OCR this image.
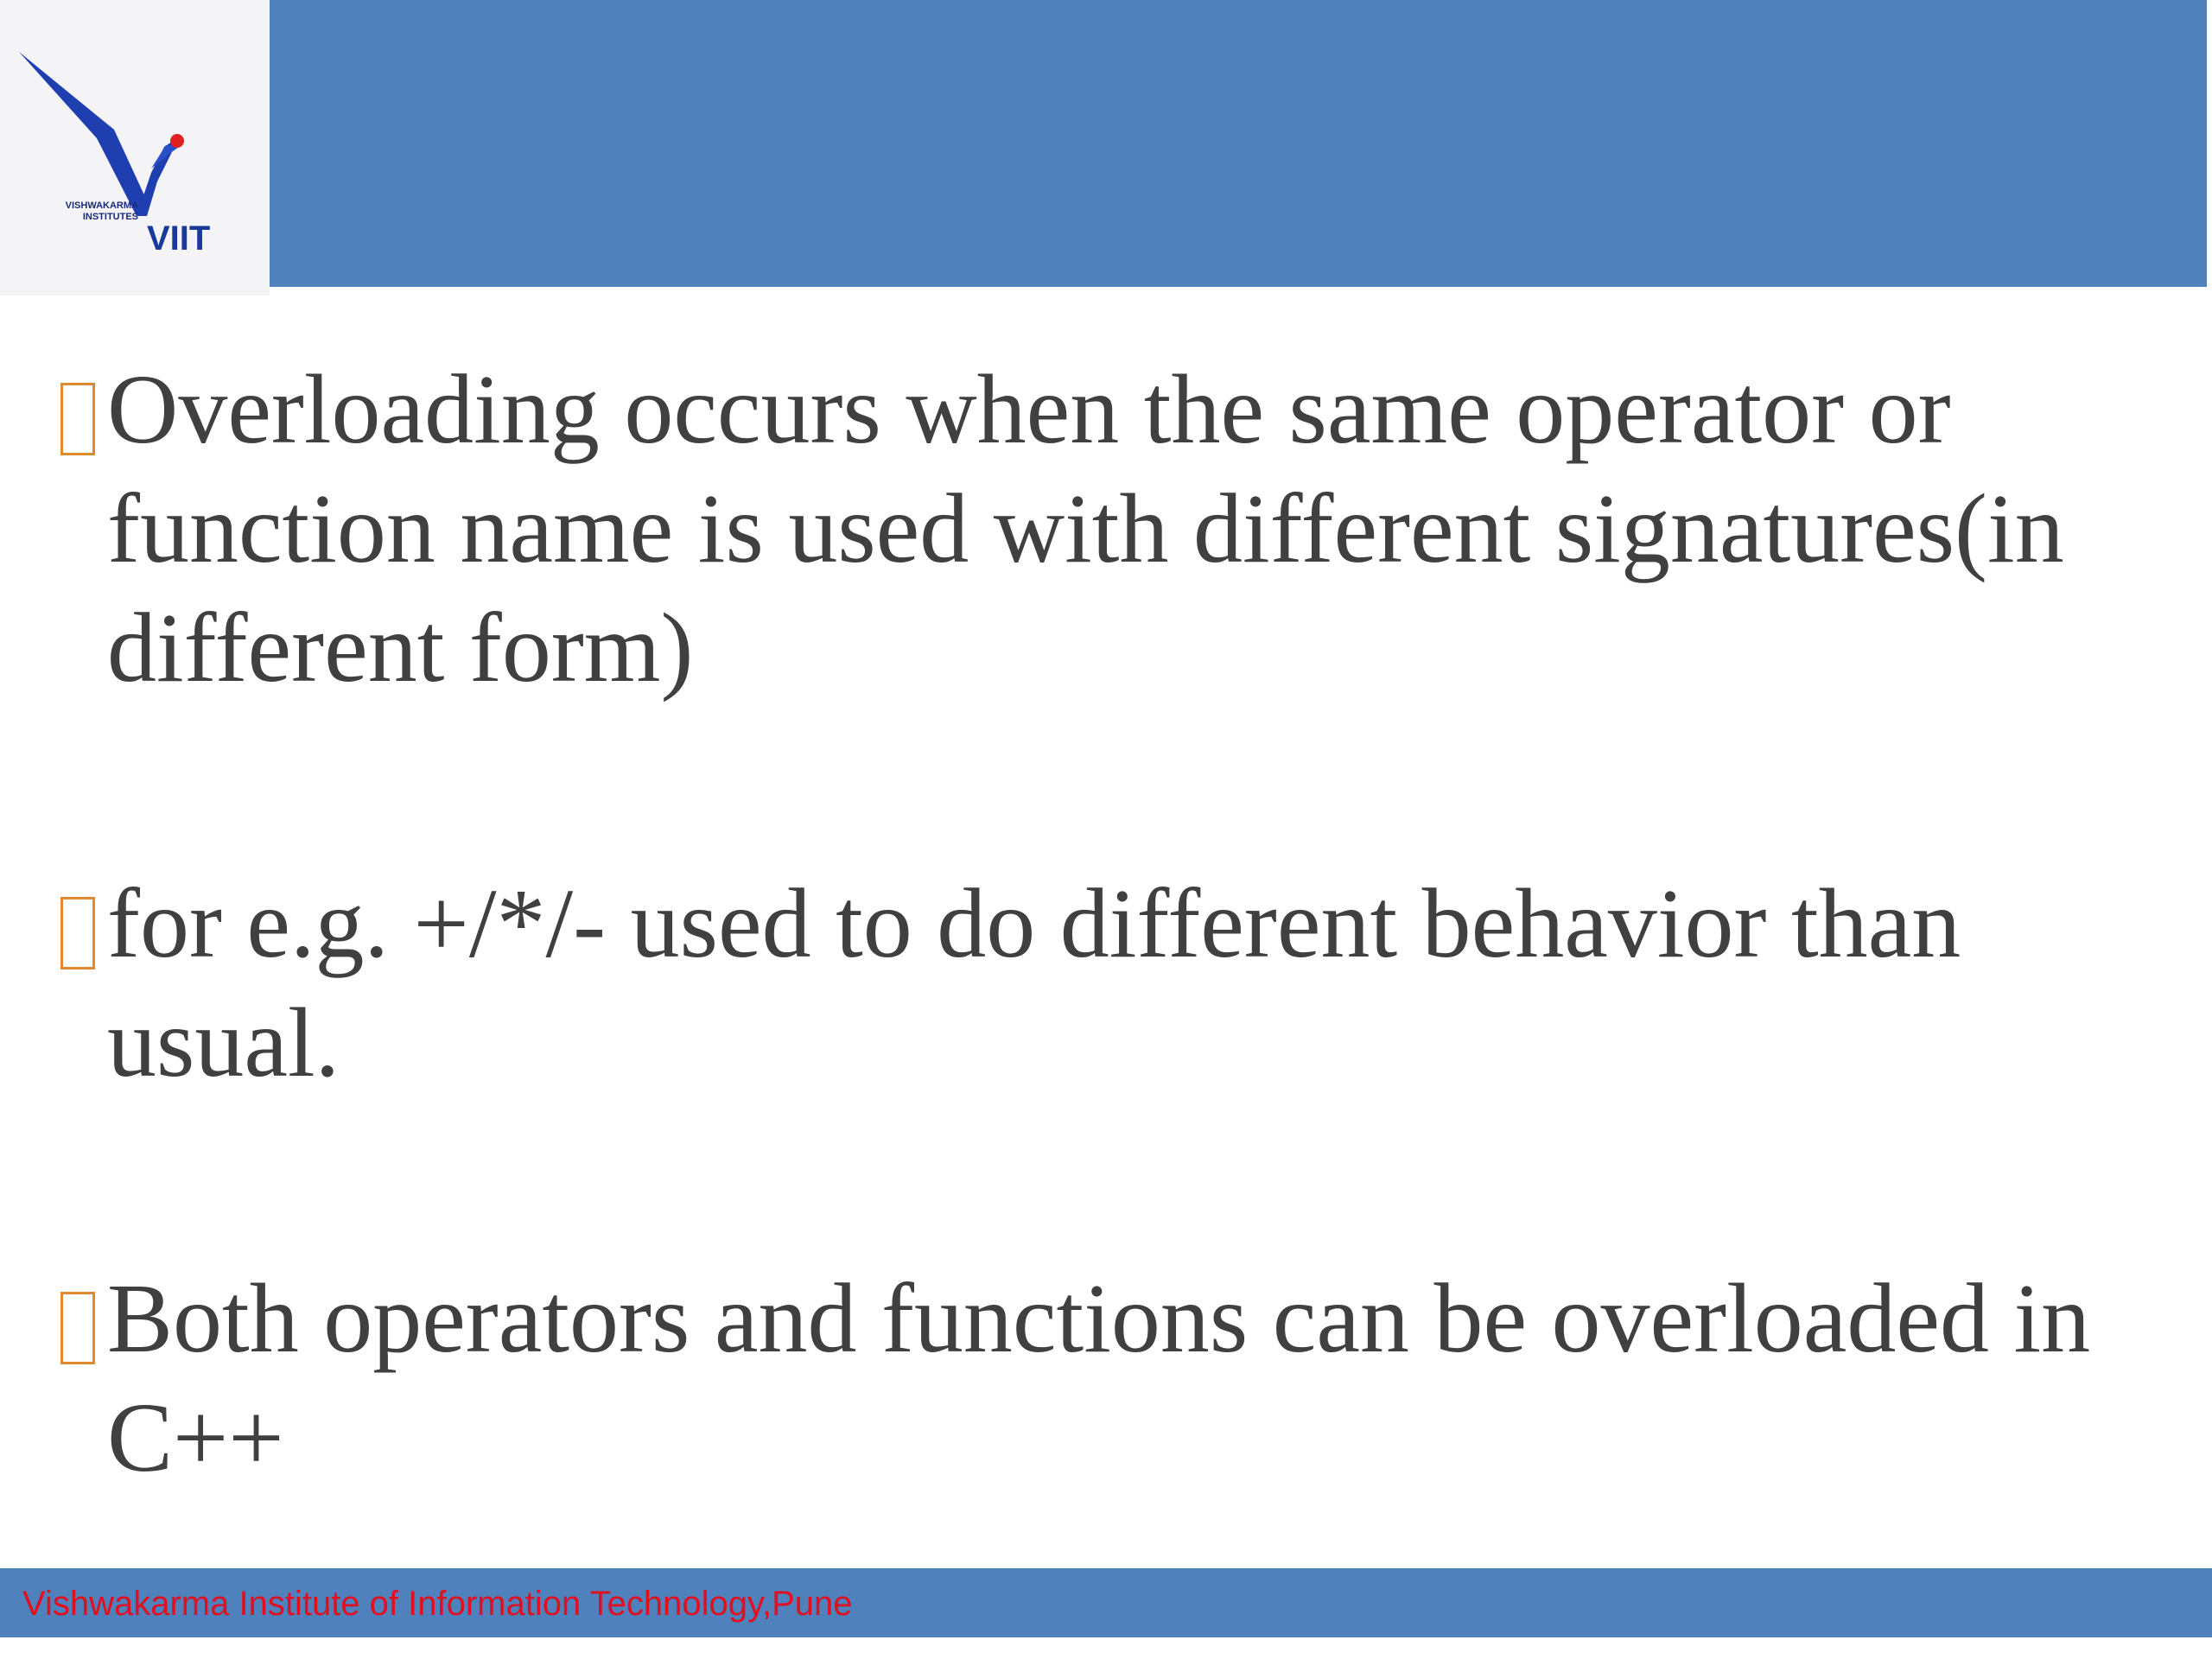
VISHWAKARMA INSTITUTES
VIIT
Overloading occurs when the same operator or function name is used with different signatures(in different form)
for e.g. +/*/- used to do different behavior than usual.
Both operators and functions can be overloaded in C++
Vishwakarma Institute of Information Technology,Pune
